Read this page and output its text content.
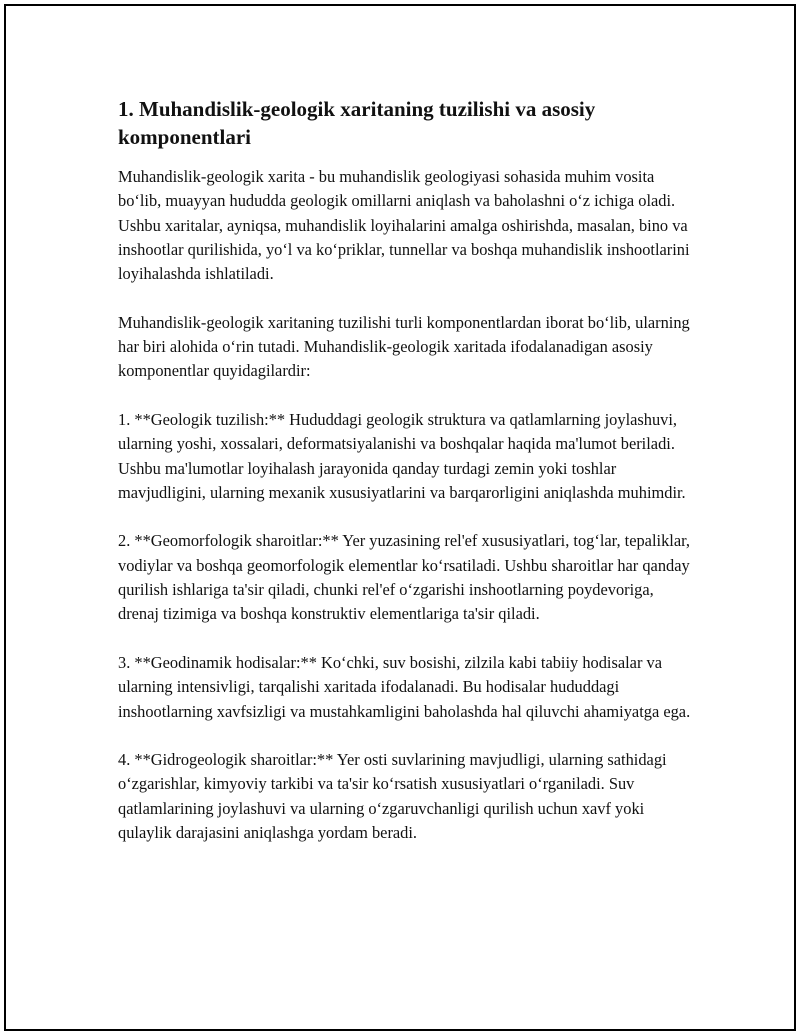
1. Muhandislik-geologik xaritaning tuzilishi va asosiy komponentlari

Muhandislik-geologik xarita - bu muhandislik geologiyasi sohasida muhim vosita bo‘lib, muayyan hududda geologik omillarni aniqlash va baholashni o‘z ichiga oladi. Ushbu xaritalar, ayniqsa, muhandislik loyihalarini amalga oshirishda, masalan, bino va inshootlar qurilishida, yo‘l va ko‘priklar, tunnellar va boshqa muhandislik inshootlarini loyihalashda ishlatiladi.

Muhandislik-geologik xaritaning tuzilishi turli komponentlardan iborat bo‘lib, ularning har biri alohida o‘rin tutadi. Muhandislik-geologik xaritada ifodalanadigan asosiy komponentlar quyidagilardir:

1. **Geologik tuzilish:** Hududdagi geologik struktura va qatlamlarning joylashuvi, ularning yoshi, xossalari, deformatsiyalanishi va boshqalar haqida ma'lumot beriladi. Ushbu ma'lumotlar loyihalash jarayonida qanday turdagi zemin yoki toshlar mavjudligini, ularning mexanik xususiyatlarini va barqarorligini aniqlashda muhimdir.

2. **Geomorfologik sharoitlar:** Yer yuzasining rel'ef xususiyatlari, tog‘lar, tepaliklar, vodiylar va boshqa geomorfologik elementlar ko‘rsatiladi. Ushbu sharoitlar har qanday qurilish ishlariga ta'sir qiladi, chunki rel'ef o‘zgarishi inshootlarning poydevoriga, drenaj tizimiga va boshqa konstruktiv elementlariga ta'sir qiladi.

3. **Geodinamik hodisalar:** Ko‘chki, suv bosishi, zilzila kabi tabiiy hodisalar va ularning intensivligi, tarqalishi xaritada ifodalanadi. Bu hodisalar hududdagi inshootlarning xavfsizligi va mustahkamligini baholashda hal qiluvchi ahamiyatga ega.

4. **Gidrogeologik sharoitlar:** Yer osti suvlarining mavjudligi, ularning sathidagi o‘zgarishlar, kimyoviy tarkibi va ta'sir ko‘rsatish xususiyatlari o‘rganiladi. Suv qatlamlarining joylashuvi va ularning o‘zgaruvchanligi qurilish uchun xavf yoki qulaylik darajasini aniqlashga yordam beradi.
